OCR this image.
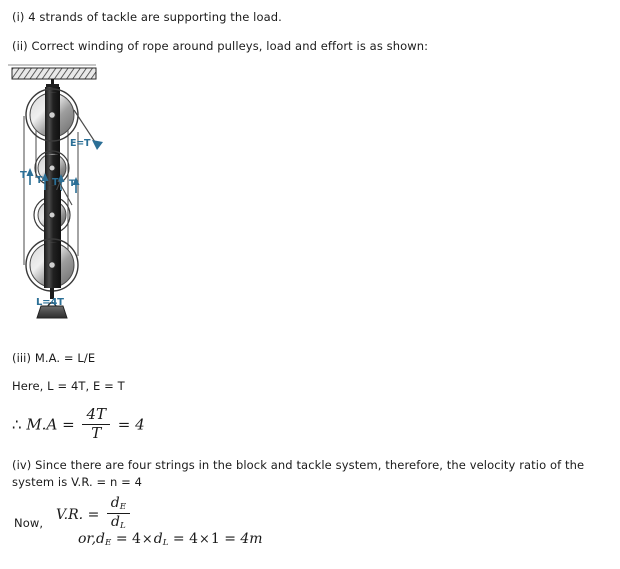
(i) 4 strands of tackle are supporting the load.
(ii) Correct winding of rope around pulleys, load and effort is as shown:
E=T
L=4T
T T T T
(iii) M.A. = L/E
Here, L = 4T, E = T
∴ $M.A = \frac{4T}{T} = 4$
(iv) Since there are four strings in the block and tackle system, therefore, the velocity ratio of the system is V.R. = n = 4
Now,
V.R. = $\frac{d_E}{d_L}$
$or,d_E = 4\times d_L = 4\times 1 = 4m$
